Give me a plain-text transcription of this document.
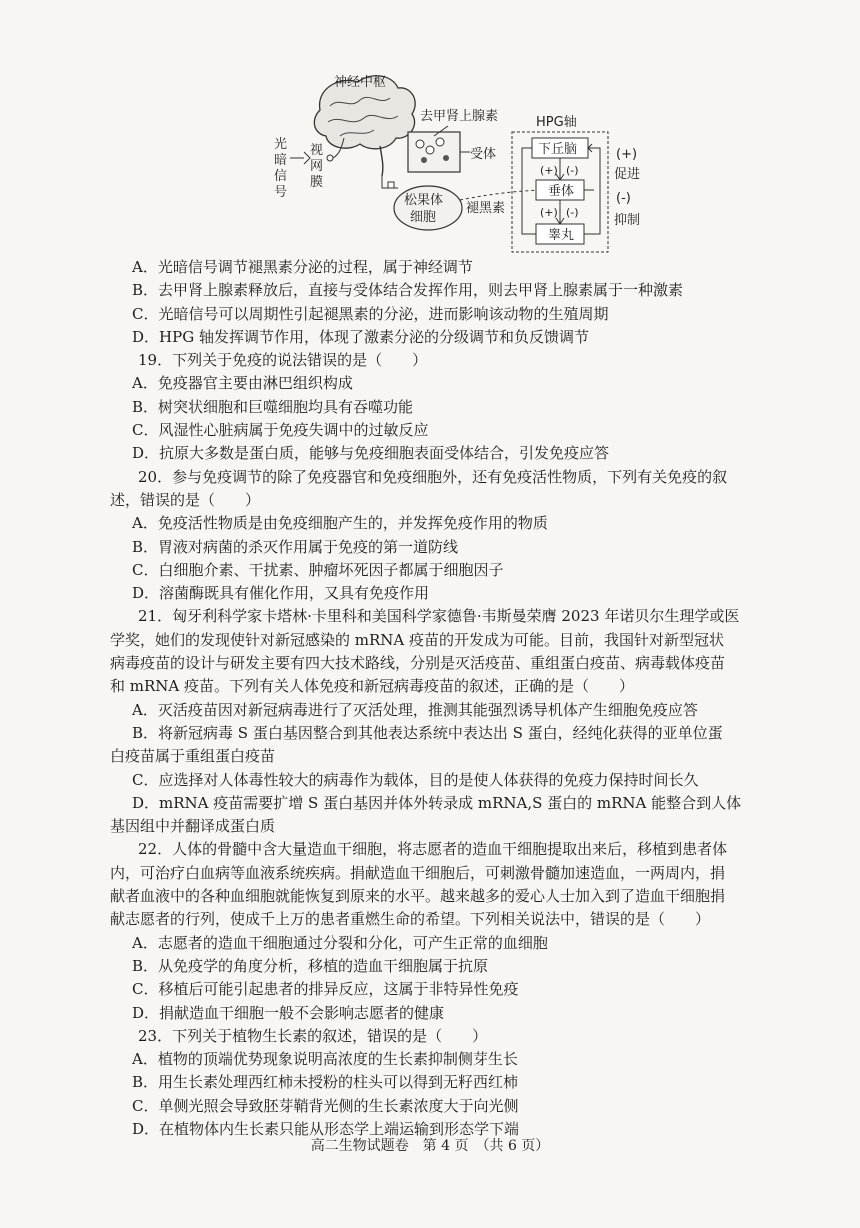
神经中枢
光
暗
信
号
视
网
膜
去甲肾上腺素
受体
松果体
细胞
褪黑素
HPG轴
下丘脑
垂体
睾丸
(+) (-)
(+) (-)
(+)
促进
(-)
抑制
A．光暗信号调节褪黑素分泌的过程，属于神经调节
B．去甲肾上腺素释放后，直接与受体结合发挥作用，则去甲肾上腺素属于一种激素
C．光暗信号可以周期性引起褪黑素的分泌，进而影响该动物的生殖周期
D．HPG 轴发挥调节作用，体现了激素分泌的分级调节和负反馈调节
19．下列关于免疫的说法错误的是（　　）
A．免疫器官主要由淋巴组织构成
B．树突状细胞和巨噬细胞均具有吞噬功能
C．风湿性心脏病属于免疫失调中的过敏反应
D．抗原大多数是蛋白质，能够与免疫细胞表面受体结合，引发免疫应答
20．参与免疫调节的除了免疫器官和免疫细胞外，还有免疫活性物质，下列有关免疫的叙
述，错误的是（　　）
A．免疫活性物质是由免疫细胞产生的，并发挥免疫作用的物质
B．胃液对病菌的杀灭作用属于免疫的第一道防线
C．白细胞介素、干扰素、肿瘤坏死因子都属于细胞因子
D．溶菌酶既具有催化作用，又具有免疫作用
21．匈牙利科学家卡塔林·卡里科和美国科学家德鲁·韦斯曼荣膺 2023 年诺贝尔生理学或医
学奖，她们的发现使针对新冠感染的 mRNA 疫苗的开发成为可能。目前，我国针对新型冠状
病毒疫苗的设计与研发主要有四大技术路线，分别是灭活疫苗、重组蛋白疫苗、病毒载体疫苗
和 mRNA 疫苗。下列有关人体免疫和新冠病毒疫苗的叙述，正确的是（　　）
A．灭活疫苗因对新冠病毒进行了灭活处理，推测其能强烈诱导机体产生细胞免疫应答
B．将新冠病毒 S 蛋白基因整合到其他表达系统中表达出 S 蛋白，经纯化获得的亚单位蛋
白疫苗属于重组蛋白疫苗
C．应选择对人体毒性较大的病毒作为载体，目的是使人体获得的免疫力保持时间长久
D．mRNA 疫苗需要扩增 S 蛋白基因并体外转录成 mRNA,S 蛋白的 mRNA 能整合到人体
基因组中并翻译成蛋白质
22．人体的骨髓中含大量造血干细胞，将志愿者的造血干细胞提取出来后，移植到患者体
内，可治疗白血病等血液系统疾病。捐献造血干细胞后，可刺激骨髓加速造血，一两周内，捐
献者血液中的各种血细胞就能恢复到原来的水平。越来越多的爱心人士加入到了造血干细胞捐
献志愿者的行列，使成千上万的患者重燃生命的希望。下列相关说法中，错误的是（　　）
A．志愿者的造血干细胞通过分裂和分化，可产生正常的血细胞
B．从免疫学的角度分析，移植的造血干细胞属于抗原
C．移植后可能引起患者的排异反应，这属于非特异性免疫
D．捐献造血干细胞一般不会影响志愿者的健康
23．下列关于植物生长素的叙述，错误的是（　　）
A．植物的顶端优势现象说明高浓度的生长素抑制侧芽生长
B．用生长素处理西红柿未授粉的柱头可以得到无籽西红柿
C．单侧光照会导致胚芽鞘背光侧的生长素浓度大于向光侧
D．在植物体内生长素只能从形态学上端运输到形态学下端
高二生物试题卷　第 4 页　（共 6 页）
